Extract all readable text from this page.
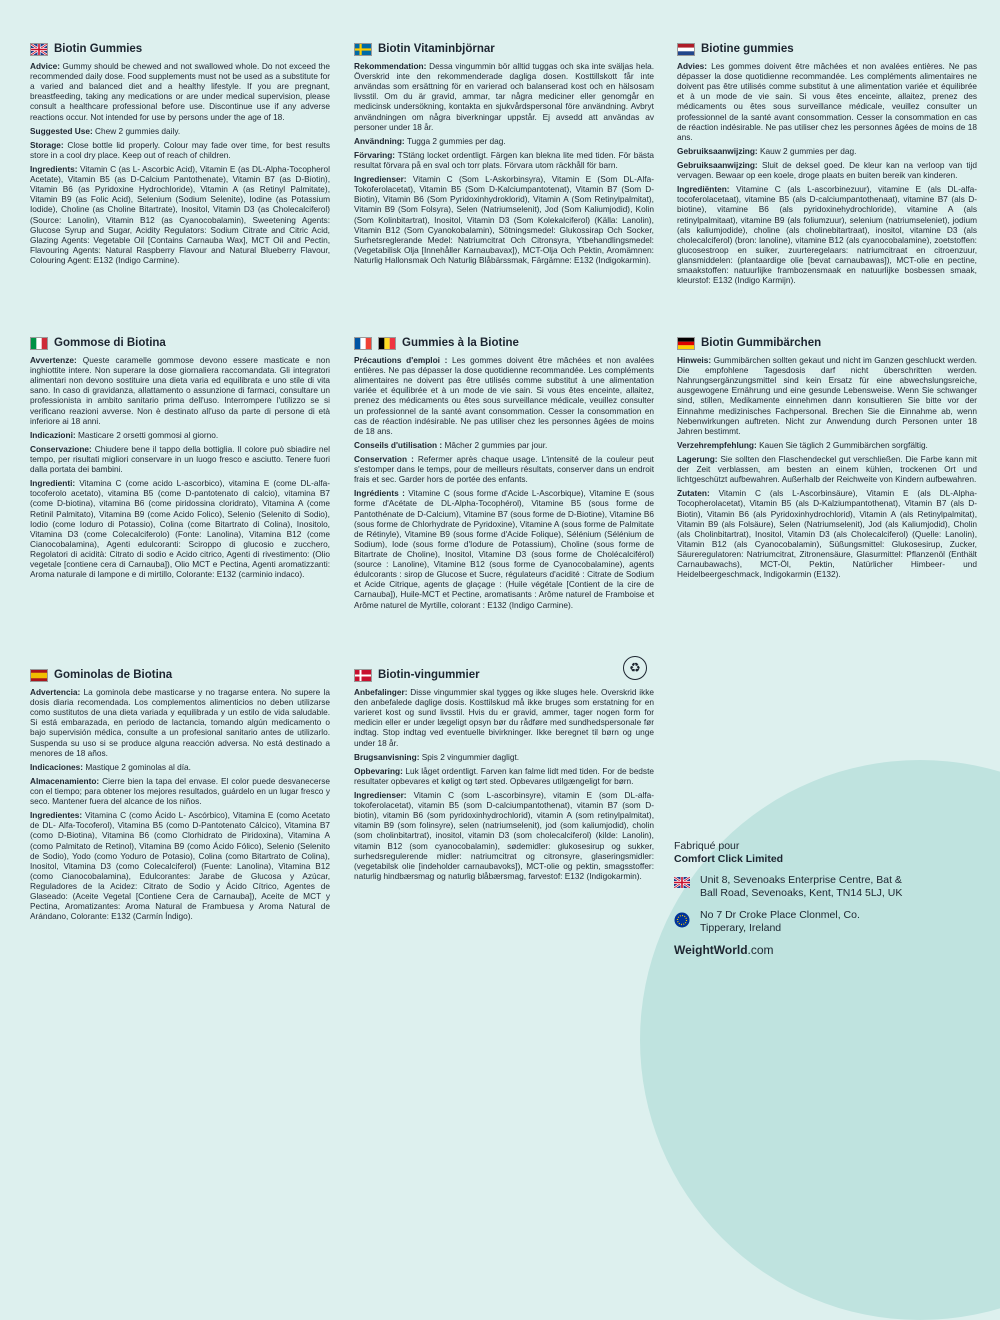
Biotin Gummies

Advice: Gummy should be chewed and not swallowed whole. Do not exceed the recommended daily dose. Food supplements must not be used as a substitute for a varied and balanced diet and a healthy lifestyle. If you are pregnant, breastfeeding, taking any medications or are under medical supervision, please consult a healthcare professional before use. Discontinue use if any adverse reactions occur. Not intended for use by persons under the age of 18.

Suggested Use: Chew 2 gummies daily.

Storage: Close bottle lid properly. Colour may fade over time, for best results store in a cool dry place. Keep out of reach of children.

Ingredients: Vitamin C (as L- Ascorbic Acid), Vitamin E (as DL-Alpha-Tocopherol Acetate), Vitamin B5 (as D-Calcium Pantothenate), Vitamin B7 (as D-Biotin), Vitamin B6 (as Pyridoxine Hydrochloride), Vitamin A (as Retinyl Palmitate), Vitamin B9 (as Folic Acid), Selenium (Sodium Selenite), Iodine (as Potassium Iodide), Choline (as Choline Bitartrate), Inositol, Vitamin D3 (as Cholecalciferol) (Source: Lanolin), Vitamin B12 (as Cyanocobalamin), Sweetening Agents: Glucose Syrup and Sugar, Acidity Regulators: Sodium Citrate and Citric Acid, Glazing Agents: Vegetable Oil [Contains Carnauba Wax], MCT Oil and Pectin, Flavouring Agents: Natural Raspberry Flavour and Natural Blueberry Flavour, Colouring Agent: E132 (Indigo Carmine).

Biotin Vitaminbjörnar

Rekommendation: Dessa vingummin bör alltid tuggas och ska inte sväljas hela. Överskrid inte den rekommenderade dagliga dosen. Kosttillskott får inte användas som ersättning för en varierad och balanserad kost och en hälsosam livsstil. Om du är gravid, ammar, tar några mediciner eller genomgår en medicinsk undersökning, kontakta en sjukvårdspersonal före användning. Avbryt användningen om några biverkningar uppstår. Ej avsedd att användas av personer under 18 år.

Användning: Tugga 2 gummies per dag.

Förvaring: TStäng locket ordentligt. Färgen kan blekna lite med tiden. För bästa resultat förvara på en sval och torr plats. Förvara utom räckhåll för barn.

Ingredienser: Vitamin C (Som L-Askorbinsyra), Vitamin E (Som DL-Alfa-Tokoferolacetat), Vitamin B5 (Som D-Kalciumpantotenat), Vitamin B7 (Som D-Biotin), Vitamin B6 (Som Pyridoxinhydroklorid), Vitamin A (Som Retinylpalmitat), Vitamin B9 (Som Folsyra), Selen (Natriumselenit), Jod (Som Kaliumjodid), Kolin (Som Kolinbitartrat), Inositol, Vitamin D3 (Som Kolekalciferol) (Källa: Lanolin), Vitamin B12 (Som Cyanokobalamin), Sötningsmedel: Glukossirap Och Socker, Surhetsreglerande Medel: Natriumcitrat Och Citronsyra, Ytbehandlingsmedel: (Vegetabilisk Olja [Innehåller Karnaubavax]), MCT-Olja Och Pektin, Aromämnen: Naturlig Hallonsmak Och Naturlig Blåbärssmak, Färgämne: E132 (Indigokarmin).

Biotine gummies

Advies: Les gommes doivent être mâchées et non avalées entières. Ne pas dépasser la dose quotidienne recommandée. Les compléments alimentaires ne doivent pas être utilisés comme substitut à une alimentation variée et équilibrée et à un mode de vie sain. Si vous êtes enceinte, allaitez, prenez des médicaments ou êtes sous surveillance médicale, veuillez consulter un professionnel de la santé avant consommation. Cesser la consommation en cas de réaction indésirable. Ne pas utiliser chez les personnes âgées de moins de 18 ans.

Gebruiksaanwijzing: Kauw 2 gummies per dag.

Gebruiksaanwijzing: Sluit de deksel goed. De kleur kan na verloop van tijd vervagen. Bewaar op een koele, droge plaats en buiten bereik van kinderen.

Ingrediënten: Vitamine C (als L-ascorbinezuur), vitamine E (als DL-alfa-tocoferolacetaat), vitamine B5 (als D-calciumpantothenaat), vitamine B7 (als D-biotine), vitamine B6 (als pyridoxinehydrochloride), vitamine A (als retinylpalmitaat), vitamine B9 (als foliumzuur), selenium (natriumseleniet), jodium (als kaliumjodide), choline (als cholinebitartraat), inositol, vitamine D3 (als cholecalciferol) (bron: lanoline), vitamine B12 (als cyanocobalamine), zoetstoffen: glucosestroop en suiker, zuurteregelaars: natriumcitraat en citroenzuur, glansmiddelen: (plantaardige olie [bevat carnaubawas]), MCT-olie en pectine, smaakstoffen: natuurlijke frambozensmaak en natuurlijke bosbessen smaak, kleurstof: E132 (Indigo Karmijn).

Gommose di Biotina

Avvertenze: Queste caramelle gommose devono essere masticate e non inghiottite intere. Non superare la dose giornaliera raccomandata. Gli integratori alimentari non devono sostituire una dieta varia ed equilibrata e uno stile di vita sano. In caso di gravidanza, allattamento o assunzione di farmaci, consultare un professionista in ambito sanitario prima dell'uso. Interrompere l'utilizzo se si verificano reazioni avverse. Non è destinato all'uso da parte di persone di età inferiore ai 18 anni.

Indicazioni: Masticare 2 orsetti gommosi al giorno.

Conservazione: Chiudere bene il tappo della bottiglia. Il colore può sbiadire nel tempo, per risultati migliori conservare in un luogo fresco e asciutto. Tenere fuori dalla portata dei bambini.

Ingredienti: Vitamina C (come acido L-ascorbico), vitamina E (come DL-alfa-tocoferolo acetato), vitamina B5 (come D-pantotenato di calcio), vitamina B7 (come D-biotina), vitamina B6 (come piridossina cloridrato), Vitamina A (come Retinil Palmitato), Vitamina B9 (come Acido Folico), Selenio (Selenito di Sodio), Iodio (come Ioduro di Potassio), Colina (come Bitartrato di Colina), Inositolo, Vitamina D3 (come Colecalciferolo) (Fonte: Lanolina), Vitamina B12 (come Cianocobalamina), Agenti edulcoranti: Sciroppo di glucosio e zucchero, Regolatori di acidità: Citrato di sodio e Acido citrico, Agenti di rivestimento: (Olio vegetale [contiene cera di Carnauba]), Olio MCT e Pectina, Agenti aromatizzanti: Aroma naturale di lampone e di mirtillo, Colorante: E132 (carminio indaco).

Gummies à la Biotine

Précautions d'emploi : Les gommes doivent être mâchées et non avalées entières. Ne pas dépasser la dose quotidienne recommandée. Les compléments alimentaires ne doivent pas être utilisés comme substitut à une alimentation variée et équilibrée et à un mode de vie sain. Si vous êtes enceinte, allaitez, prenez des médicaments ou êtes sous surveillance médicale, veuillez consulter un professionnel de la santé avant consommation. Cesser la consommation en cas de réaction indésirable. Ne pas utiliser chez les personnes âgées de moins de 18 ans.

Conseils d'utilisation : Mâcher 2 gummies par jour.

Conservation : Refermer après chaque usage. L'intensité de la couleur peut s'estomper dans le temps, pour de meilleurs résultats, conserver dans un endroit frais et sec. Garder hors de portée des enfants.

Ingrédients : Vitamine C (sous forme d'Acide L-Ascorbique), Vitamine E (sous forme d'Acétate de DL-Alpha-Tocophérol), Vitamine B5 (sous forme de Pantothénate de D-Calcium), Vitamine B7 (sous forme de D-Biotine), Vitamine B6 (sous forme de Chlorhydrate de Pyridoxine), Vitamine A (sous forme de Palmitate de Rétinyle), Vitamine B9 (sous forme d'Acide Folique), Sélénium (Sélénium de Sodium), Iode (sous forme d'Iodure de Potassium), Choline (sous forme de Bitartrate de Choline), Inositol, Vitamine D3 (sous forme de Cholécalciférol) (source : Lanoline), Vitamine B12 (sous forme de Cyanocobalamine), agents édulcorants : sirop de Glucose et Sucre, régulateurs d'acidité : Citrate de Sodium et Acide Citrique, agents de glaçage : (Huile végétale [Contient de la cire de Carnauba]), Huile-MCT et Pectine, aromatisants : Arôme naturel de Framboise et Arôme naturel de Myrtille, colorant : E132 (Indigo Carmine).

♻
Biotin Gummibärchen

Hinweis: Gummibärchen sollten gekaut und nicht im Ganzen geschluckt werden. Die empfohlene Tagesdosis darf nicht überschritten werden. Nahrungsergänzungsmittel sind kein Ersatz für eine abwechslungsreiche, ausgewogene Ernährung und eine gesunde Lebensweise. Wenn Sie schwanger sind, stillen, Medikamente einnehmen dann konsultieren Sie bitte vor der Einnahme medizinisches Fachpersonal. Brechen Sie die Einnahme ab, wenn Nebenwirkungen auftreten. Nicht zur Anwendung durch Personen unter 18 Jahren bestimmt.

Verzehrempfehlung: Kauen Sie täglich 2 Gummibärchen sorgfältig.

Lagerung: Sie sollten den Flaschendeckel gut verschließen. Die Farbe kann mit der Zeit verblassen, am besten an einem kühlen, trockenen Ort und lichtgeschützt aufbewahren. Außerhalb der Reichweite von Kindern aufbewahren.

Zutaten: Vitamin C (als L-Ascorbinsäure), Vitamin E (als DL-Alpha-Tocopherolacetat), Vitamin B5 (als D-Kalziumpantothenat), Vitamin B7 (als D-Biotin), Vitamin B6 (als Pyridoxinhydrochlorid), Vitamin A (als Retinylpalmitat), Vitamin B9 (als Folsäure), Selen (Natriumselenit), Jod (als Kaliumjodid), Cholin (als Cholinbitartrat), Inositol, Vitamin D3 (als Cholecalciferol) (Quelle: Lanolin), Vitamin B12 (als Cyanocobalamin), Süßungsmittel: Glukosesirup, Zucker, Säureregulatoren: Natriumcitrat, Zitronensäure, Glasurmittel: Pflanzenöl (Enthält Carnaubawachs), MCT-Öl, Pektin, Natürlicher Himbeer- und Heidelbeergeschmack, Indigokarmin (E132).

Gominolas de Biotina

Advertencia: La gominola debe masticarse y no tragarse entera. No supere la dosis diaria recomendada. Los complementos alimenticios no deben utilizarse como sustitutos de una dieta variada y equilibrada y un estilo de vida saludable. Si está embarazada, en periodo de lactancia, tomando algún medicamento o bajo supervisión médica, consulte a un profesional sanitario antes de utilizarlo. Suspenda su uso si se produce alguna reacción adversa. No está destinado a menores de 18 años.

Indicaciones: Mastique 2 gominolas al día.

Almacenamiento: Cierre bien la tapa del envase. El color puede desvanecerse con el tiempo; para obtener los mejores resultados, guárdelo en un lugar fresco y seco. Mantener fuera del alcance de los niños.

Ingredientes: Vitamina C (como Ácido L- Ascórbico), Vitamina E (como Acetato de DL- Alfa-Tocoferol), Vitamina B5 (como D-Pantotenato Cálcico), Vitamina B7 (como D-Biotina), Vitamina B6 (como Clorhidrato de Piridoxina), Vitamina A (como Palmitato de Retinol), Vitamina B9 (como Ácido Fólico), Selenio (Selenito de Sodio), Yodo (como Yoduro de Potasio), Colina (como Bitartrato de Colina), Inositol, Vitamina D3 (como Colecalciferol) (Fuente: Lanolina), Vitamina B12 (como Cianocobalamina), Edulcorantes: Jarabe de Glucosa y Azúcar, Reguladores de la Acidez: Citrato de Sodio y Ácido Cítrico, Agentes de Glaseado: (Aceite Vegetal [Contiene Cera de Carnauba]), Aceite de MCT y Pectina, Aromatizantes: Aroma Natural de Frambuesa y Aroma Natural de Arándano, Colorante: E132 (Carmín Índigo).

Biotin-vingummier

Anbefalinger: Disse vingummier skal tygges og ikke sluges hele. Overskrid ikke den anbefalede daglige dosis. Kosttilskud må ikke bruges som erstatning for en varieret kost og sund livsstil. Hvis du er gravid, ammer, tager nogen form for medicin eller er under lægeligt opsyn bør du rådføre med sundhedspersonale før indtag. Stop indtag ved eventuelle bivirkninger. Ikke beregnet til børn og unge under 18 år.

Brugsanvisning: Spis 2 vingummier dagligt.

Opbevaring: Luk låget ordentligt. Farven kan falme lidt med tiden. For de bedste resultater opbevares et køligt og tørt sted. Opbevares utilgængeligt for børn.

Ingredienser: Vitamin C (som L-ascorbinsyre), vitamin E (som DL-alfa-tokoferolacetat), vitamin B5 (som D-calciumpantothenat), vitamin B7 (som D-biotin), vitamin B6 (som pyridoxinhydrochlorid), vitamin A (som retinylpalmitat), vitamin B9 (som folinsyre), selen (natriumselenit), jod (som kaliumjodid), cholin (som cholinbitartrat), inositol, vitamin D3 (som cholecalciferol) (kilde: Lanolin), vitamin B12 (som cyanocobalamin), sødemidler: glukosesirup og sukker, surhedsregulerende midler: natriumcitrat og citronsyre, glaseringsmidler: (vegetabilsk olie [indeholder carnaubavoks]), MCT-olie og pektin, smagsstoffer: naturlig hindbærsmag og naturlig blåbærsmag, farvestof: E132 (Indigokarmin).

Fabriqué pour
Comfort Click Limited
Unit 8, Sevenoaks Enterprise Centre, Bat & Ball Road, Sevenoaks, Kent, TN14 5LJ, UK
No 7 Dr Croke Place Clonmel, Co. Tipperary, Ireland
WeightWorld.com
